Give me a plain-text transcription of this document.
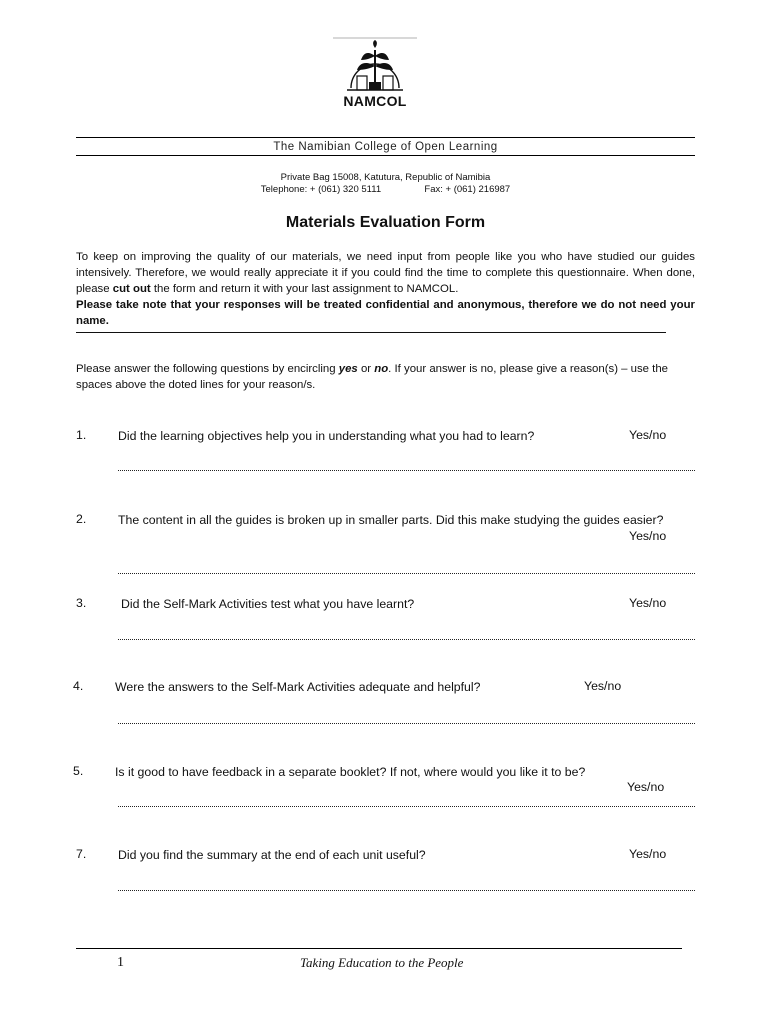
NAMCOL
The Namibian College of Open Learning
Private Bag 15008, Katutura, Republic of Namibia
Telephone: + (061) 320 5111	Fax: + (061) 216987
Materials Evaluation Form
To keep on improving the quality of our materials, we need input from people like you who have studied our guides intensively. Therefore, we would really appreciate it if you could find the time to complete this questionnaire. When done, please cut out the form and return it with your last assignment to NAMCOL.
Please take note that your responses will be treated confidential and anonymous, therefore we do not need your name.
Please answer the following questions by encircling yes or no. If your answer is no, please give a reason(s) – use the spaces above the doted lines for your reason/s.
1.	Did the learning objectives help you in understanding what you had to learn?	Yes/no
2.	The content in all the guides is broken up in smaller parts. Did this make studying the guides easier?
Yes/no
3.	Did the Self-Mark Activities test what you have learnt?	Yes/no
4.	Were the answers to the Self-Mark Activities adequate and helpful?	Yes/no
5.	Is it good to have feedback in a separate booklet? If not, where would you like it to be?
Yes/no
7.	Did you find the summary at the end of each unit useful?	Yes/no
1	Taking Education to the People
